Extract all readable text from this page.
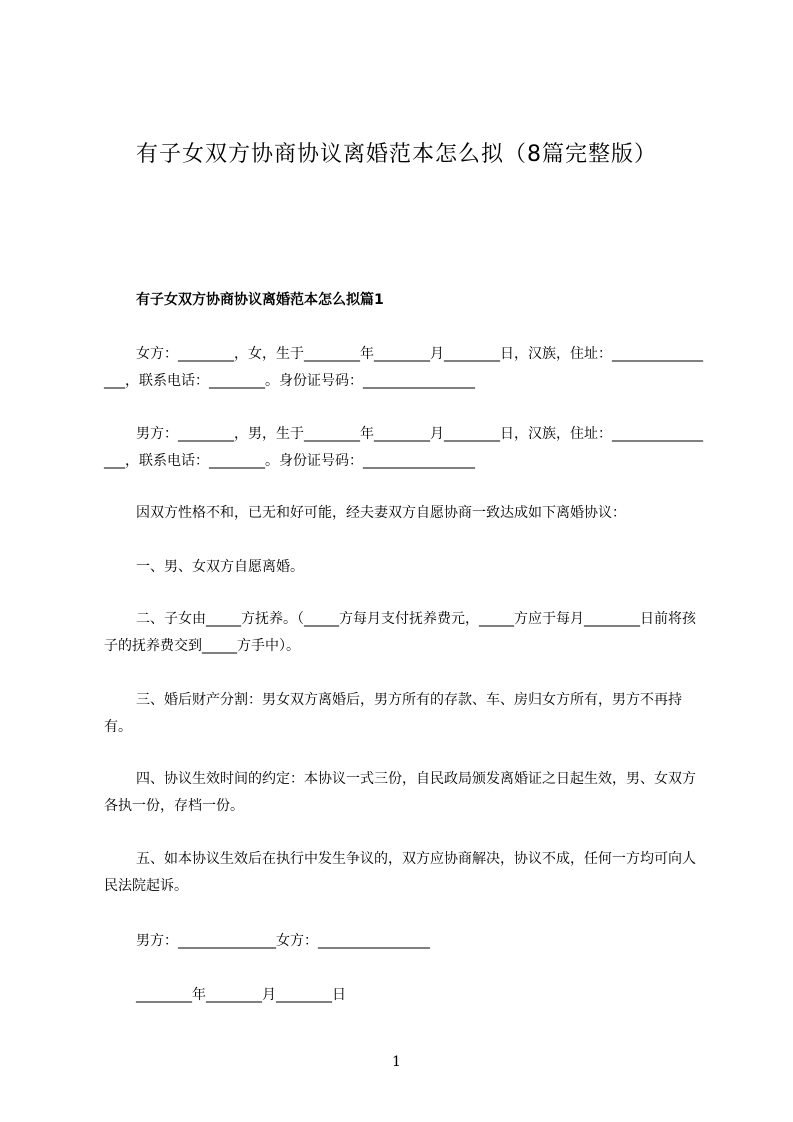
有子女双方协商协议离婚范本怎么拟（8篇完整版）
有子女双方协商协议离婚范本怎么拟篇1

女方：________，女，生于________年________月________日，汉族，住址：________________，联系电话：________。身份证号码：________________

男方：________，男，生于________年________月________日，汉族，住址：________________，联系电话：________。身份证号码：________________

因双方性格不和，已无和好可能，经夫妻双方自愿协商一致达成如下离婚协议：

一、男、女双方自愿离婚。

二、子女由_____方抚养。（_____方每月支付抚养费元，_____方应于每月________日前将孩子的抚养费交到_____方手中）。

三、婚后财产分割：男女双方离婚后，男方所有的存款、车、房归女方所有，男方不再持有。

四、协议生效时间的约定：本协议一式三份，自民政局颁发离婚证之日起生效，男、女双方各执一份，存档一份。

五、如本协议生效后在执行中发生争议的，双方应协商解决，协议不成，任何一方均可向人民法院起诉。

男方：______________女方：________________
________年________月________日
1
